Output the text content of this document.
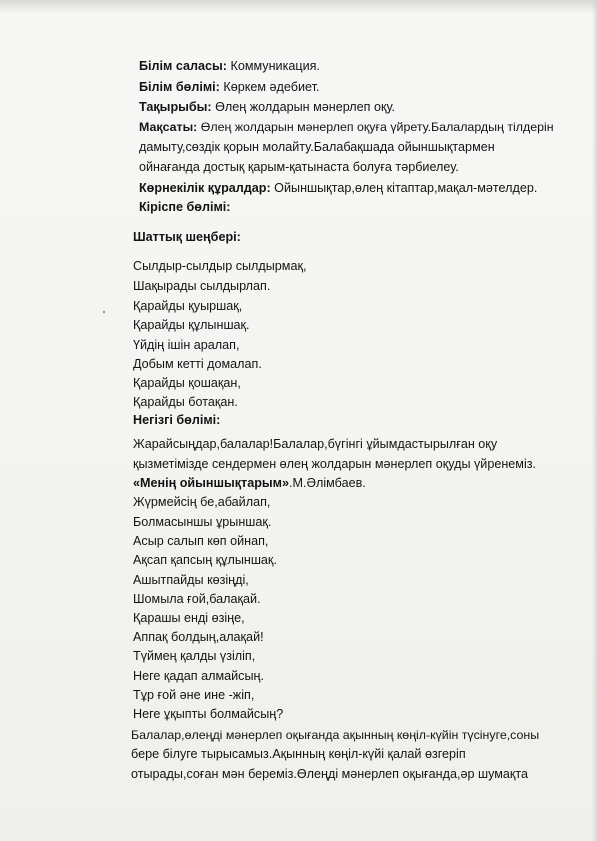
Білім саласы: Коммуникация.
Білім бөлімі: Көркем әдебиет.
Тақырыбы: Өлең жолдарын мәнерлеп оқу.
Мақсаты: Өлең жолдарын мәнерлеп оқуға үйрету.Балалардың тілдерін
дамыту,сөздік қорын молайту.Балабақшада ойыншықтармен
ойнағанда достық қарым-қатынаста болуға тәрбиелеу.
Көрнекілік құралдар: Ойыншықтар,өлең кітаптар,мақал-мәтелдер.
Кіріспе бөлімі:
Шаттық шеңбері:
Сылдыр-сылдыр сылдырмақ,
Шақырады сылдырлап.
Қарайды қуыршақ,
Қарайды құлыншақ.
Үйдің ішін аралап,
Добым кетті домалап.
Қарайды қошақан,
Қарайды ботақан.
Негізгі бөлімі:
Жарайсыңдар,балалар!Балалар,бүгінгі ұйымдастырылған оқу
қызметімізде сендермен өлең жолдарын мәнерлеп оқуды үйренеміз.
«Менің ойыншықтарым».М.Әлімбаев.
Жүрмейсің бе,абайлап,
Болмасыншы ұрыншақ.
Асыр салып көп ойнап,
Ақсап қапсың құлыншақ.
Ашытпайды көзіңді,
Шомыла ғой,балақай.
Қарашы енді өзіңе,
Аппақ болдың,алақай!
Түймең қалды үзіліп,
Неге қадап алмайсың.
Тұр ғой әне ине -жіп,
Неге ұқыпты болмайсың?
Балалар,өлеңді мәнерлеп оқығанда ақынның көңіл-күйін түсінуге,соны
бере білуге тырысамыз.Ақынның көңіл-күйі қалай өзгеріп
отырады,соған мән береміз.Өлеңді мәнерлеп оқығанда,әр шумақта
